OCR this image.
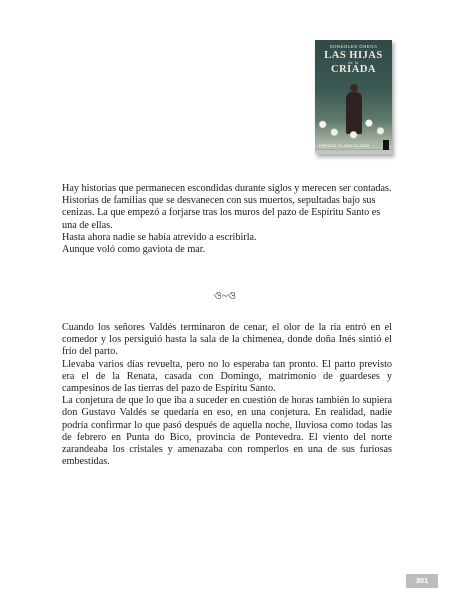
SONSOLES ÓNEGA
LAS HIJAS
de la
CRIADA
PREMIO PLANETA 2023

Hay historias que permanecen escondidas durante siglos y merecen ser contadas. Historias de familias que se desvanecen con sus muertos, sepultadas bajo sus cenizas. La que empezó a forjarse tras los muros del pazo de Espíritu Santo es una de ellas.

Hasta ahora nadie se había atrevido a escribirla.

Aunque voló como gaviota de mar.

ও~ও

Cuando los señores Valdés terminaron de cenar, el olor de la ría entró en el comedor y los persiguió hasta la sala de la chimenea, donde doña Inés sintió el frío del parto.

Llevaba varios días revuelta, pero no lo esperaba tan pronto. El parto previsto era el de la Renata, casada con Domingo, matrimonio de guardeses y campesinos de las tierras del pazo de Espíritu Santo.

La conjetura de que lo que iba a suceder en cuestión de horas también lo supiera don Gustavo Valdés se quedaría en eso, en una conjetura. En realidad, nadie podría confirmar lo que pasó después de aquella noche, lluviosa como todas las de febrero en Punta do Bico, provincia de Pontevedra. El viento del norte zarandeaba los cristales y amenazaba con romperlos en una de sus furiosas embestidas.

301
